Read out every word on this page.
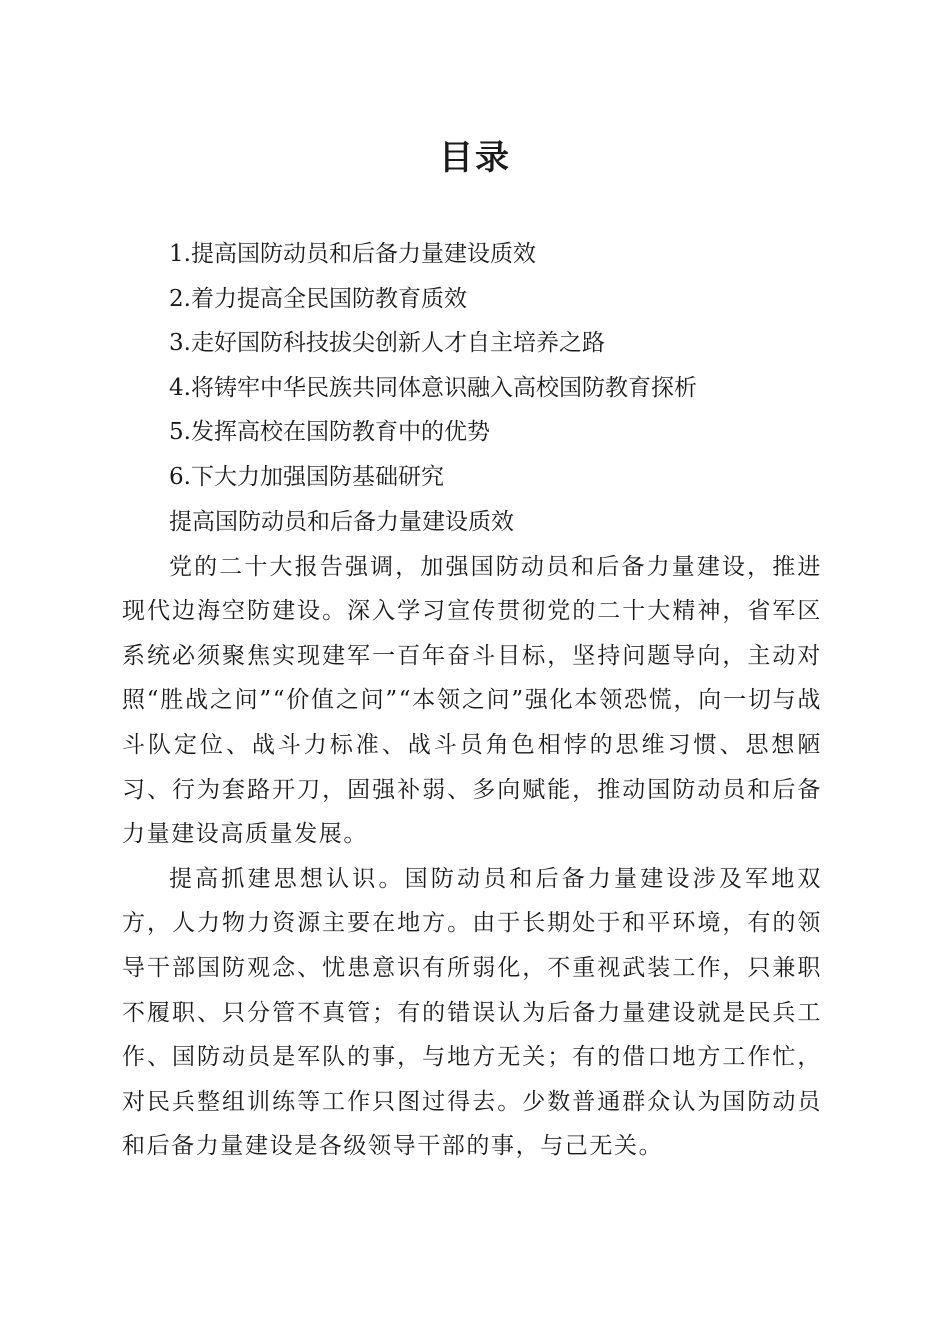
目录
1.提高国防动员和后备力量建设质效
2.着力提高全民国防教育质效
3.走好国防科技拔尖创新人才自主培养之路
4.将铸牢中华民族共同体意识融入高校国防教育探析
5.发挥高校在国防教育中的优势
6.下大力加强国防基础研究
提高国防动员和后备力量建设质效

党的二十大报告强调，加强国防动员和后备力量建设，推进现代边海空防建设。深入学习宣传贯彻党的二十大精神，省军区系统必须聚焦实现建军一百年奋斗目标，坚持问题导向，主动对照“胜战之问”“价值之问”“本领之问”强化本领恐慌，向一切与战斗队定位、战斗力标准、战斗员角色相悖的思维习惯、思想陋习、行为套路开刀，固强补弱、多向赋能，推动国防动员和后备力量建设高质量发展。

提高抓建思想认识。国防动员和后备力量建设涉及军地双方，人力物力资源主要在地方。由于长期处于和平环境，有的领导干部国防观念、忧患意识有所弱化，不重视武装工作，只兼职不履职、只分管不真管；有的错误认为后备力量建设就是民兵工作、国防动员是军队的事，与地方无关；有的借口地方工作忙，对民兵整组训练等工作只图过得去。少数普通群众认为国防动员和后备力量建设是各级领导干部的事，与己无关。
